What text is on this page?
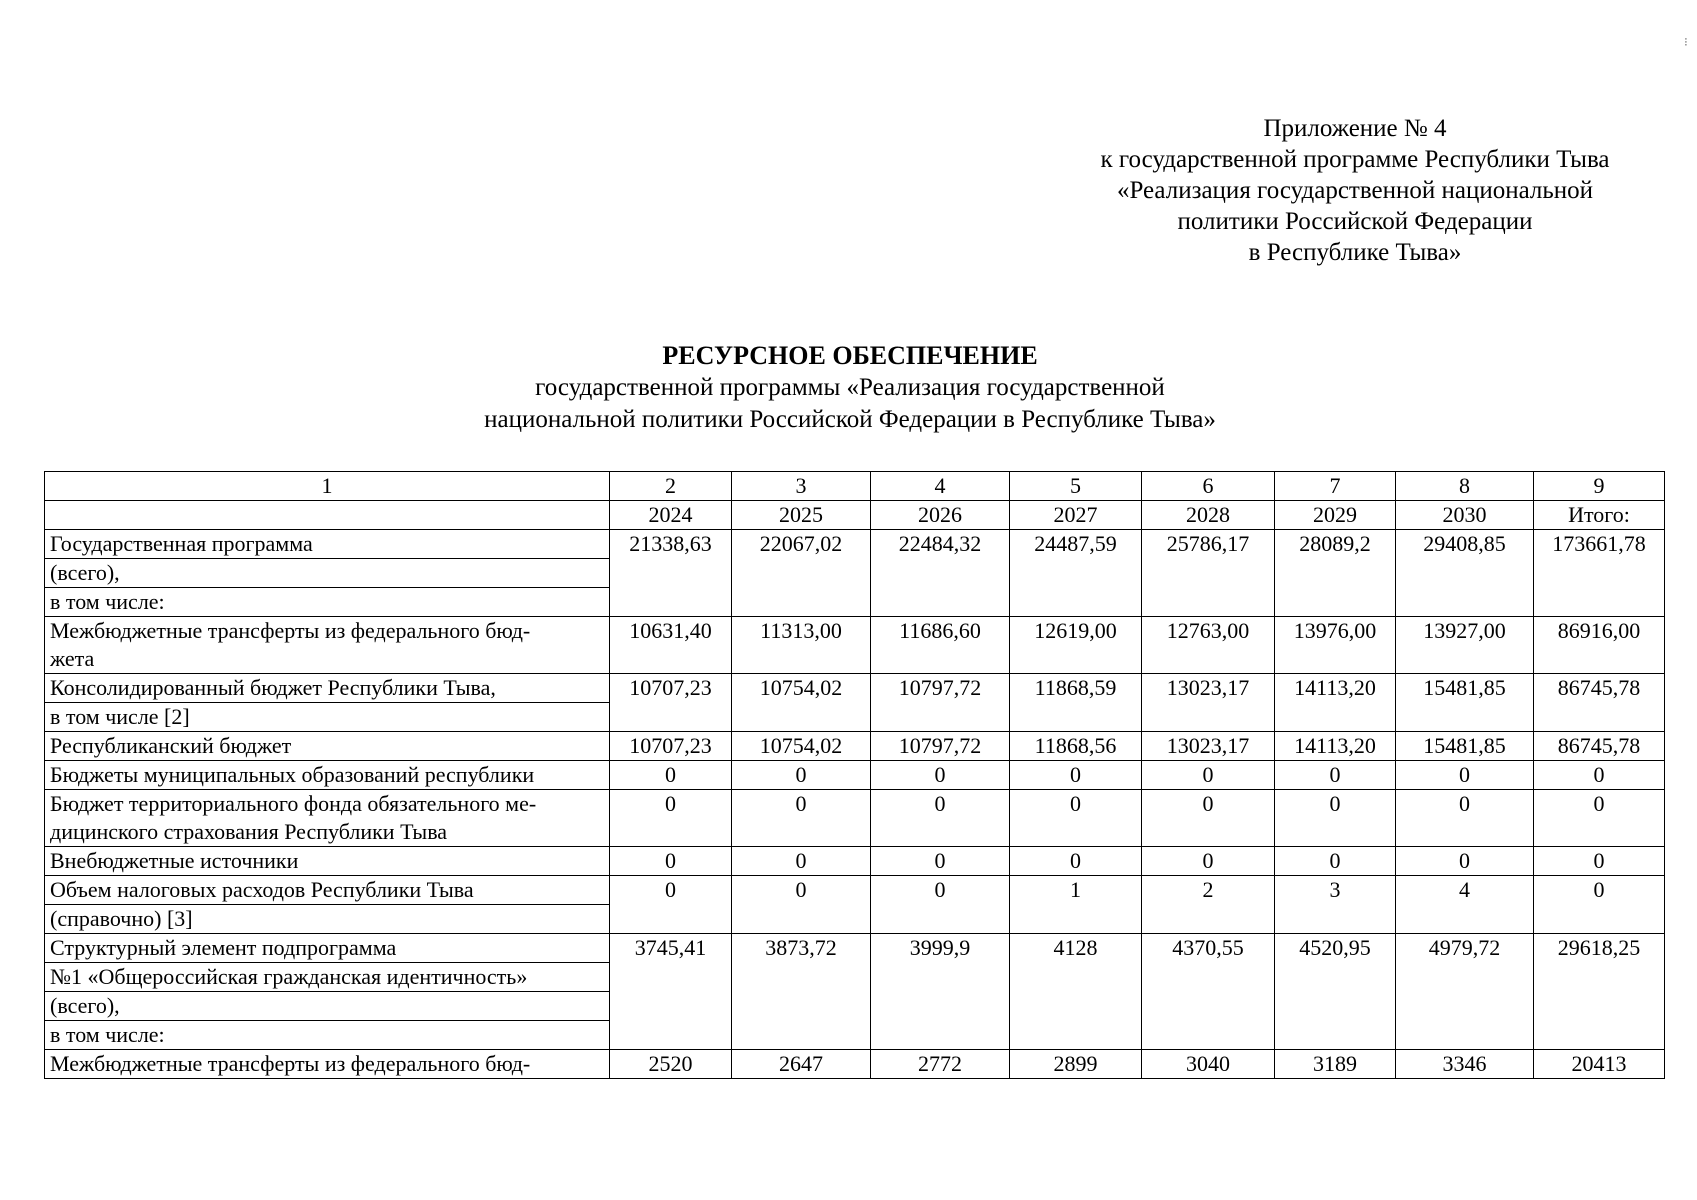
⁝
Приложение № 4
к государственной программе Республики Тыва
«Реализация государственной национальной
политики Российской Федерации
в Республике Тыва»
РЕСУРСНОЕ ОБЕСПЕЧЕНИЕ
государственной программы «Реализация государственной
национальной политики Российской Федерации в Республике Тыва»
1	2	3	4	5	6	7	8	9
	2024	2025	2026	2027	2028	2029	2030	Итого:

Государственная программа
(всего),
в том числе:	21338,63	22067,02	22484,32	24487,59	25786,17	28089,2	29408,85	173661,78

Межбюджетные трансферты из федерального бюд-
жета	10631,40	11313,00	11686,60	12619,00	12763,00	13976,00	13927,00	86916,00

Консолидированный бюджет Республики Тыва,
в том числе [2]	10707,23	10754,02	10797,72	11868,59	13023,17	14113,20	15481,85	86745,78

Республиканский бюджет	10707,23	10754,02	10797,72	11868,56	13023,17	14113,20	15481,85	86745,78

Бюджеты муниципальных образований республики	0	0	0	0	0	0	0	0

Бюджет территориального фонда обязательного ме-
дицинского страхования Республики Тыва	0	0	0	0	0	0	0	0

Внебюджетные источники	0	0	0	0	0	0	0	0

Объем налоговых расходов Республики Тыва
(справочно) [3]	0	0	0	1	2	3	4	0

Структурный элемент подпрограмма
№1 «Общероссийская гражданская идентичность»
(всего),
в том числе:	3745,41	3873,72	3999,9	4128	4370,55	4520,95	4979,72	29618,25

Межбюджетные трансферты из федерального бюд-	2520	2647	2772	2899	3040	3189	3346	20413
